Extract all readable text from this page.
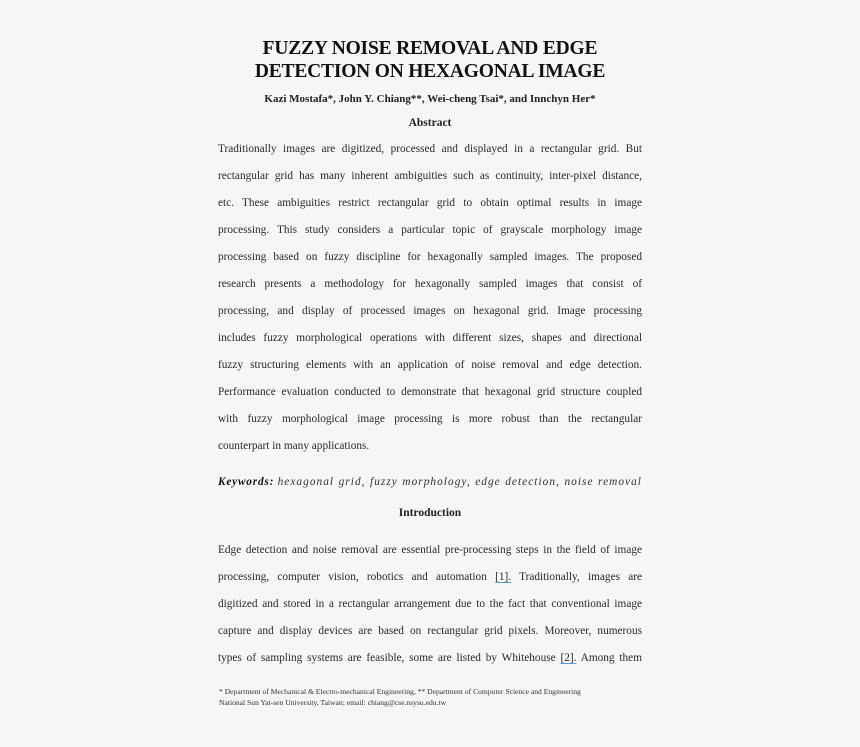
FUZZY NOISE REMOVAL AND EDGE
DETECTION ON HEXAGONAL IMAGE
Kazi Mostafa*, John Y. Chiang**, Wei-cheng Tsai*, and Innchyn Her*
Abstract
Traditionally images are digitized, processed and displayed in a rectangular grid. But
rectangular grid has many inherent ambiguities such as continuity, inter-pixel distance,
etc. These ambiguities restrict rectangular grid to obtain optimal results in image
processing. This study considers a particular topic of grayscale morphology image
processing based on fuzzy discipline for hexagonally sampled images. The proposed
research presents a methodology for hexagonally sampled images that consist of
processing, and display of processed images on hexagonal grid. Image processing
includes fuzzy morphological operations with different sizes, shapes and directional
fuzzy structuring elements with an application of noise removal and edge detection.
Performance evaluation conducted to demonstrate that hexagonal grid structure coupled
with fuzzy morphological image processing is more robust than the rectangular
counterpart in many applications.
Keywords: hexagonal grid, fuzzy morphology, edge detection, noise removal
Introduction
Edge detection and noise removal are essential pre-processing steps in the field of image
processing, computer vision, robotics and automation [1]. Traditionally, images are
digitized and stored in a rectangular arrangement due to the fact that conventional image
capture and display devices are based on rectangular grid pixels. Moreover, numerous
types of sampling systems are feasible, some are listed by Whitehouse [2]. Among them
* Department of Mechanical & Electro-mechanical Engineering, ** Department of Computer Science and Engineering
National Sun Yat-sen University, Taiwan; email: chiang@cse.nsysu.edu.tw
